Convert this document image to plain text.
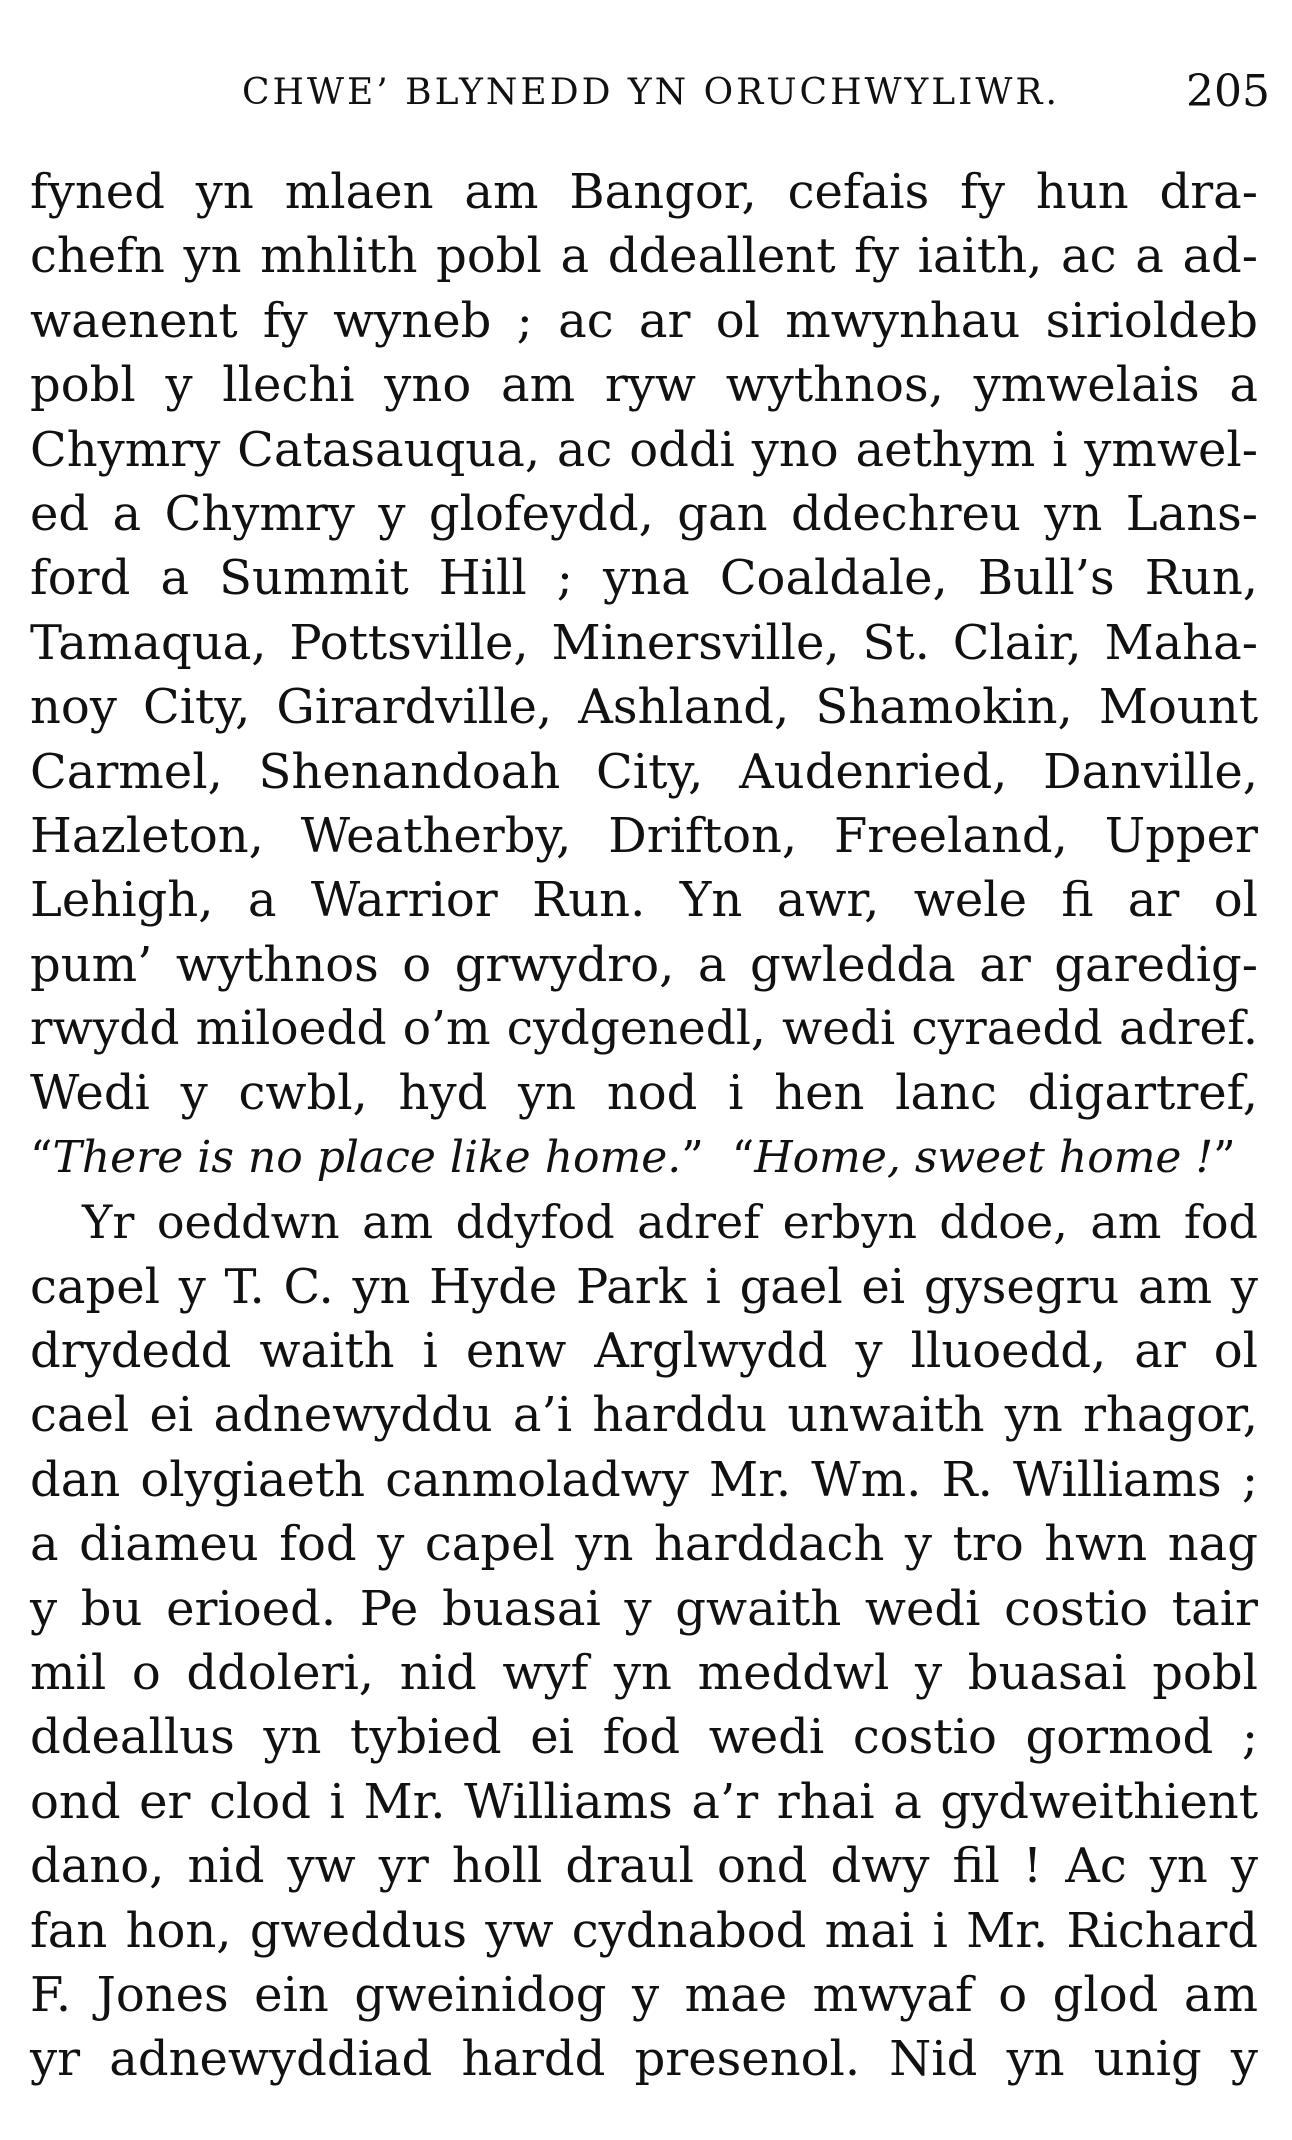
CHWE’ BLYNEDD YN ORUCHWYLIWR.	205
fyned yn mlaen am Bangor, cefais fy hun dra-
chefn yn mhlith pobl a ddeallent fy iaith, ac a ad-
waenent fy wyneb ; ac ar ol mwynhau sirioldeb
pobl y llechi yno am ryw wythnos, ymwelais a
Chymry Catasauqua, ac oddi yno aethym i ymwel-
ed a Chymry y glofeydd, gan ddechreu yn Lans-
ford a Summit Hill ; yna Coaldale, Bull’s Run,
Tamaqua, Pottsville, Minersville, St. Clair, Maha-
noy City, Girardville, Ashland, Shamokin, Mount
Carmel, Shenandoah City, Audenried, Danville,
Hazleton, Weatherby, Drifton, Freeland, Upper
Lehigh, a Warrior Run. Yn awr, wele fi ar ol
pum’ wythnos o grwydro, a gwledda ar garedig-
rwydd miloedd o’m cydgenedl, wedi cyraedd adref.
Wedi y cwbl, hyd yn nod i hen lanc digartref,
“There is no place like home.” “Home, sweet home !”
Yr oeddwn am ddyfod adref erbyn ddoe, am fod
capel y T. C. yn Hyde Park i gael ei gysegru am y
drydedd waith i enw Arglwydd y lluoedd, ar ol
cael ei adnewyddu a’i harddu unwaith yn rhagor,
dan olygiaeth canmoladwy Mr. Wm. R. Williams ;
a diameu fod y capel yn harddach y tro hwn nag
y bu erioed. Pe buasai y gwaith wedi costio tair
mil o ddoleri, nid wyf yn meddwl y buasai pobl
ddeallus yn tybied ei fod wedi costio gormod ;
ond er clod i Mr. Williams a’r rhai a gydweithient
dano, nid yw yr holl draul ond dwy fil ! Ac yn y
fan hon, gweddus yw cydnabod mai i Mr. Richard
F. Jones ein gweinidog y mae mwyaf o glod am
yr adnewyddiad hardd presenol. Nid yn unig y
